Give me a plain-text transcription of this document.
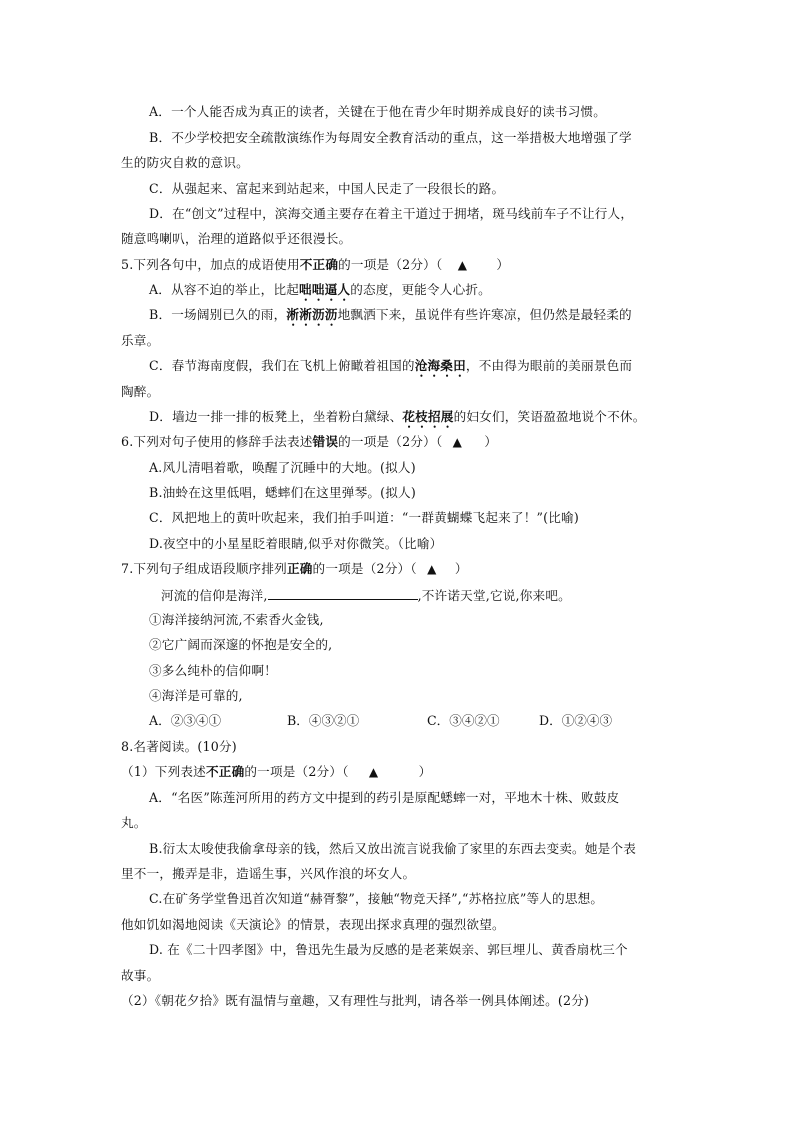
A．一个人能否成为真正的读者，关键在于他在青少年时期养成良好的读书习惯。
B．不少学校把安全疏散演练作为每周安全教育活动的重点，这一举措极大地增强了学
生的防灾自救的意识。
C．从强起来、富起来到站起来，中国人民走了一段很长的路。
D．在“创文”过程中，滨海交通主要存在着主干道过于拥堵，斑马线前车子不让行人，
随意鸣喇叭，治理的道路似乎还很漫长。
5.下列各句中，加点的成语使用不正确的一项是（2分）（ ▲ ）
A．从容不迫的举止，比起咄咄逼人的态度，更能令人心折。
B．一场阔别已久的雨，淅淅沥沥地飘洒下来，虽说伴有些许寒凉，但仍然是最轻柔的
乐章。
C．春节海南度假，我们在飞机上俯瞰着祖国的沧海桑田，不由得为眼前的美丽景色而
陶醉。
D．墙边一排一排的板凳上，坐着粉白黛绿、花枝招展的妇女们，笑语盈盈地说个不休。
6.下列对句子使用的修辞手法表述错误的一项是（2分）（ ▲ ）
A.风儿清唱着歌，唤醒了沉睡中的大地。(拟人)
B.油蛉在这里低唱，蟋蟀们在这里弹琴。(拟人)
C．风把地上的黄叶吹起来，我们拍手叫道：“一群黄蝴蝶飞起来了！”(比喻)
D.夜空中的小星星眨着眼睛,似乎对你微笑。（比喻）
7.下列句子组成语段顺序排列正确的一项是（2分）（ ▲ ）
河流的信仰是海洋,	,不许诺天堂,它说,你来吧。
①海洋接纳河流,不索香火金钱,
②它广阔而深邃的怀抱是安全的,
③多么纯朴的信仰啊！
④海洋是可靠的,
A．②③④①	B．④③②①	C．③④②①	D．①②④③
8.名著阅读。(10分)
（1）下列表述不正确的一项是（2分）（ ▲	）
A．“名医”陈莲河所用的药方文中提到的药引是原配蟋蟀一对，平地木十株、败鼓皮
丸。
B.衍太太唆使我偷拿母亲的钱，然后又放出流言说我偷了家里的东西去变卖。她是个表
里不一，搬弄是非，造谣生事，兴风作浪的坏女人。
C.在矿务学堂鲁迅首次知道“赫胥黎”，接触“物竞天择”,“苏格拉底”等人的思想。
他如饥如渴地阅读《天演论》的情景，表现出探求真理的强烈欲望。
D. 在《二十四孝图》中，鲁迅先生最为反感的是老莱娱亲、郭巨埋儿、黄香扇枕三个
故事。
（2）《朝花夕拾》既有温情与童趣，又有理性与批判，请各举一例具体阐述。(2分)
